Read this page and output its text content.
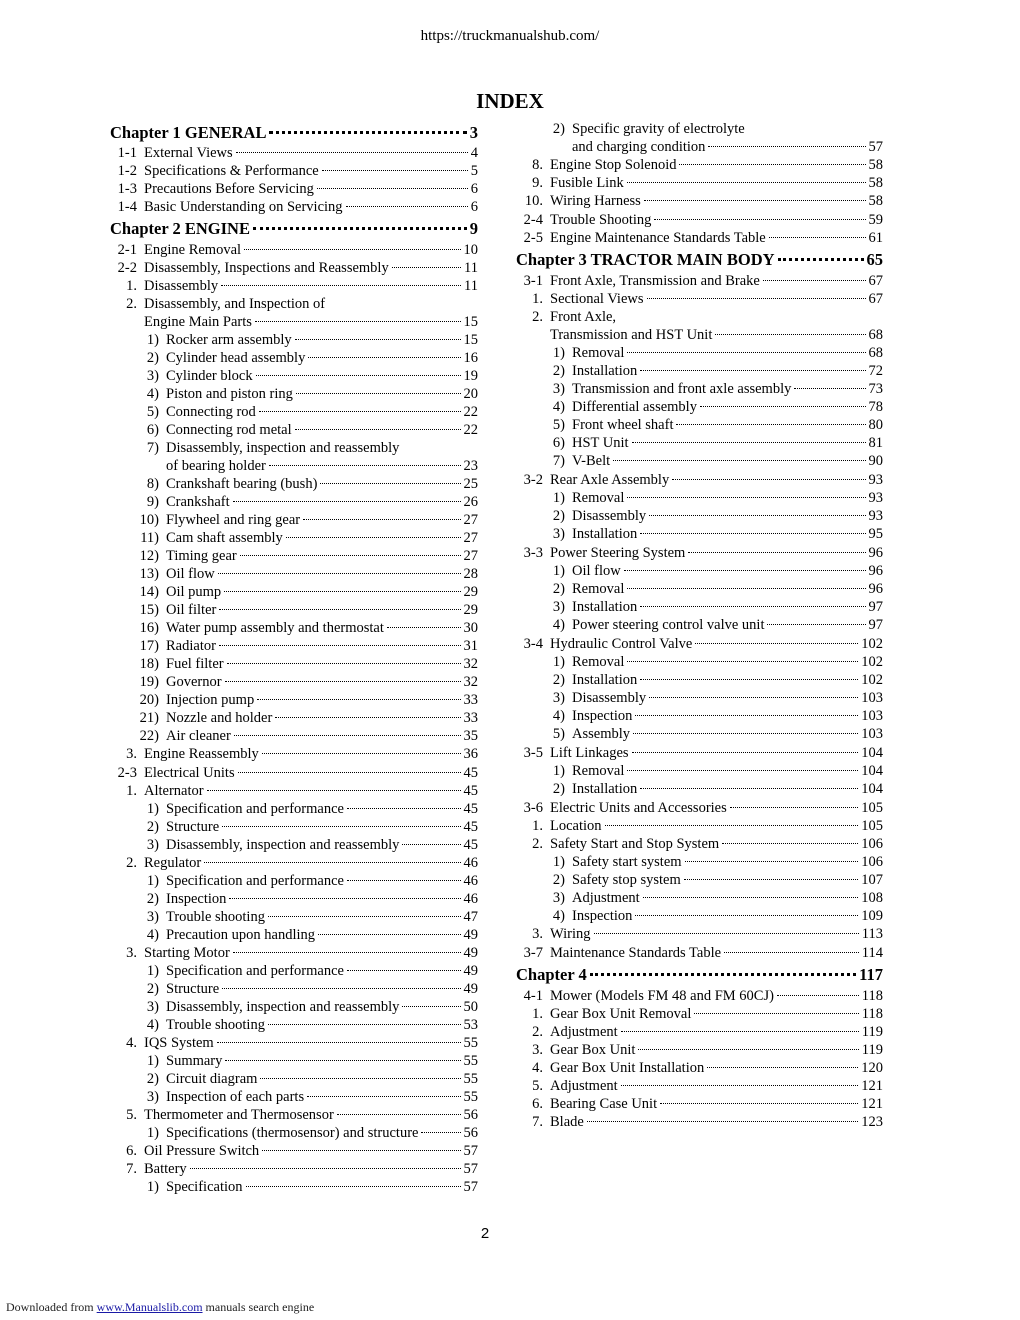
https://truckmanualshub.com/
INDEX
Chapter 1 GENERAL	3
1-1 External Views	4
1-2 Specifications & Performance	5
1-3 Precautions Before Servicing	6
1-4 Basic Understanding on Servicing	6
Chapter 2 ENGINE	9
2-1 Engine Removal	10
2-2 Disassembly, Inspections and Reassembly	11
1. Disassembly	11
2. Disassembly, and Inspection of
Engine Main Parts	15
1) Rocker arm assembly	15
2) Cylinder head assembly	16
3) Cylinder block	19
4) Piston and piston ring	20
5) Connecting rod	22
6) Connecting rod metal	22
7) Disassembly, inspection and reassembly
of bearing holder	23
8) Crankshaft bearing (bush)	25
9) Crankshaft	26
10) Flywheel and ring gear	27
11) Cam shaft assembly	27
12) Timing gear	27
13) Oil flow	28
14) Oil pump	29
15) Oil filter	29
16) Water pump assembly and thermostat	30
17) Radiator	31
18) Fuel filter	32
19) Governor	32
20) Injection pump	33
21) Nozzle and holder	33
22) Air cleaner	35
3. Engine Reassembly	36
2-3 Electrical Units	45
1. Alternator	45
1) Specification and performance	45
2) Structure	45
3) Disassembly, inspection and reassembly	45
2. Regulator	46
1) Specification and performance	46
2) Inspection	46
3) Trouble shooting	47
4) Precaution upon handling	49
3. Starting Motor	49
1) Specification and performance	49
2) Structure	49
3) Disassembly, inspection and reassembly	50
4) Trouble shooting	53
4. IQS System	55
1) Summary	55
2) Circuit diagram	55
3) Inspection of each parts	55
5. Thermometer and Thermosensor	56
1) Specifications (thermosensor) and structure	56
6. Oil Pressure Switch	57
7. Battery	57
1) Specification	57
2) Specific gravity of electrolyte
and charging condition	57
8. Engine Stop Solenoid	58
9. Fusible Link	58
10. Wiring Harness	58
2-4 Trouble Shooting	59
2-5 Engine Maintenance Standards Table	61
Chapter 3 TRACTOR MAIN BODY	65
3-1 Front Axle, Transmission and Brake	67
1. Sectional Views	67
2. Front Axle,
Transmission and HST Unit	68
1) Removal	68
2) Installation	72
3) Transmission and front axle assembly	73
4) Differential assembly	78
5) Front wheel shaft	80
6) HST Unit	81
7) V-Belt	90
3-2 Rear Axle Assembly	93
1) Removal	93
2) Disassembly	93
3) Installation	95
3-3 Power Steering System	96
1) Oil flow	96
2) Removal	96
3) Installation	97
4) Power steering control valve unit	97
3-4 Hydraulic Control Valve	102
1) Removal	102
2) Installation	102
3) Disassembly	103
4) Inspection	103
5) Assembly	103
3-5 Lift Linkages	104
1) Removal	104
2) Installation	104
3-6 Electric Units and Accessories	105
1. Location	105
2. Safety Start and Stop System	106
1) Safety start system	106
2) Safety stop system	107
3) Adjustment	108
4) Inspection	109
3. Wiring	113
3-7 Maintenance Standards Table	114
Chapter 4	117
4-1 Mower (Models FM 48 and FM 60CJ)	118
1. Gear Box Unit Removal	118
2. Adjustment	119
3. Gear Box Unit	119
4. Gear Box Unit Installation	120
5. Adjustment	121
6. Bearing Case Unit	121
7. Blade	123
2
Downloaded from www.Manualslib.com manuals search engine
